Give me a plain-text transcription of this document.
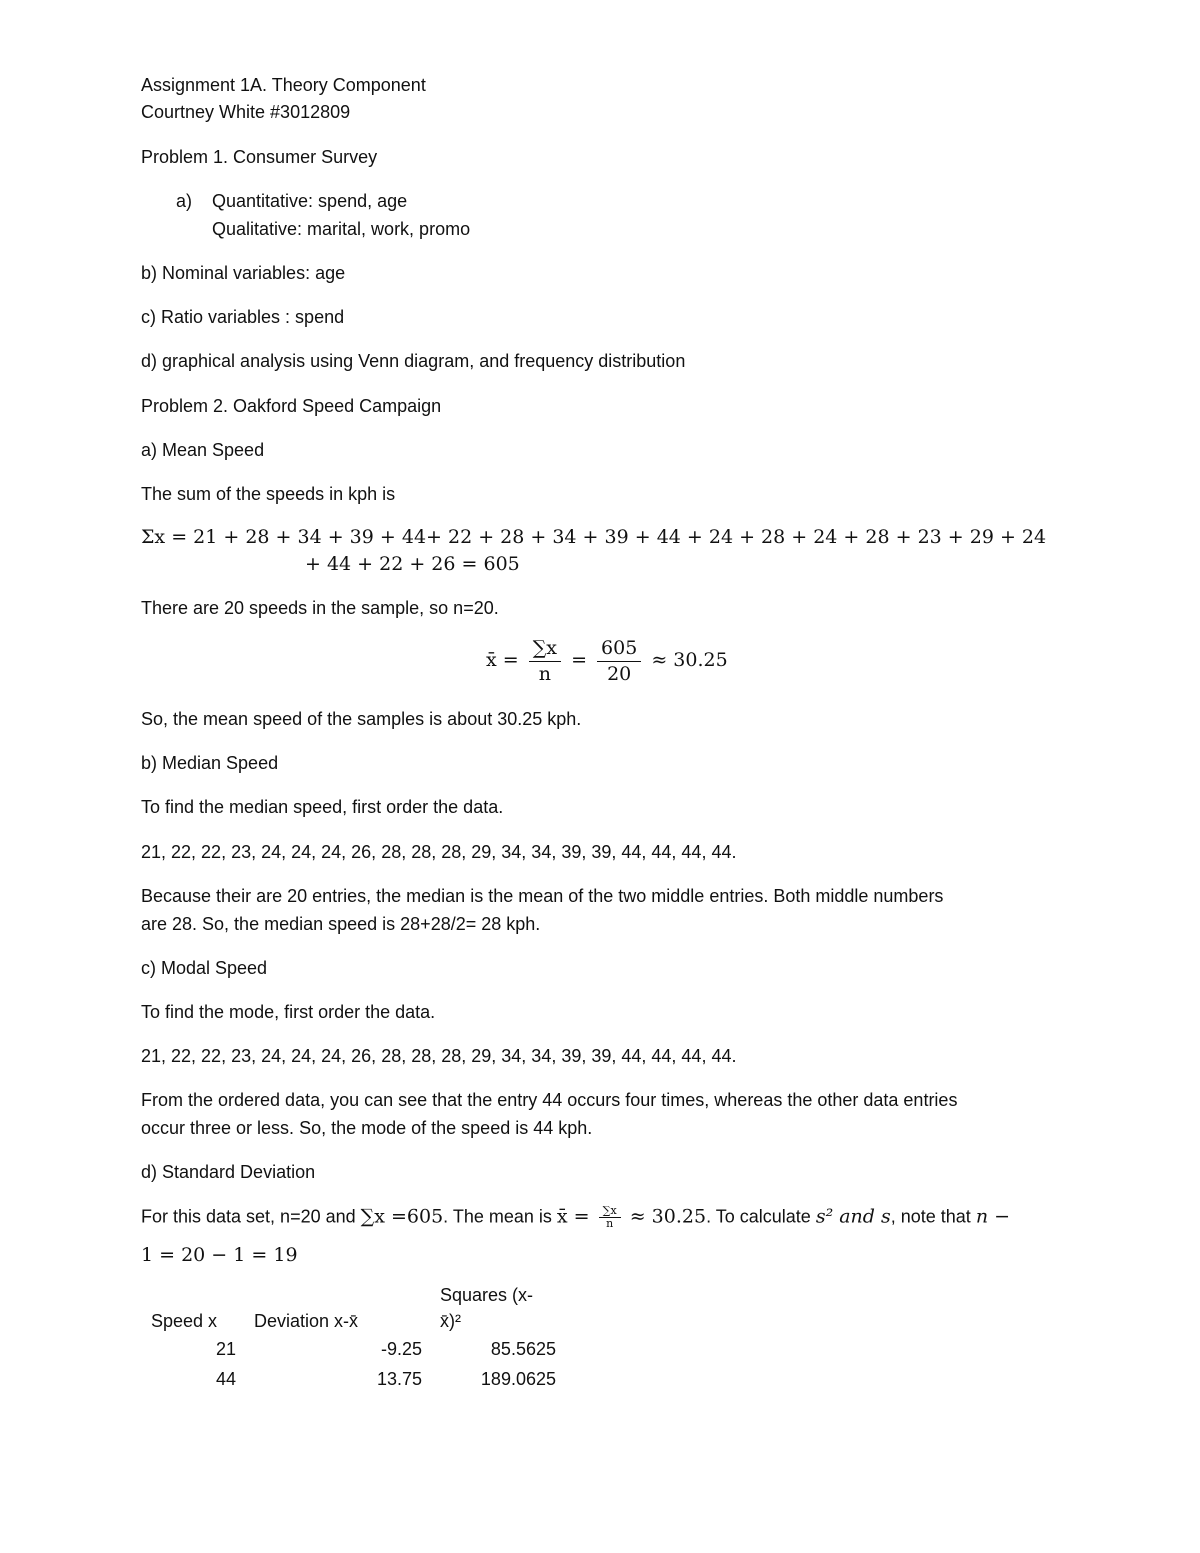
Assignment 1A. Theory Component
Courtney White #3012809
Problem 1. Consumer Survey
a) Quantitative: spend, age
Qualitative: marital, work, promo
b) Nominal variables: age
c) Ratio variables : spend
d) graphical analysis using Venn diagram, and frequency distribution
Problem 2. Oakford Speed Campaign
a) Mean Speed
The sum of the speeds in kph is
Σx = 21 + 28 + 34 + 39 + 44+ 22 + 28 + 34 + 39 + 44 + 24 + 28 + 24 + 28 + 23 + 29 + 24
+ 44 + 22 + 26 = 605
There are 20 speeds in the sample, so n=20.
x̄ = $\frac{\sum x}{n} = \frac{605}{20} \approx 30.25$
So, the mean speed of the samples is about 30.25 kph.
b) Median Speed
To find the median speed, first order the data.
21, 22, 22, 23, 24, 24, 24, 26, 28, 28, 28, 29, 34, 34, 39, 39, 44, 44, 44, 44.
Because their are 20 entries, the median is the mean of the two middle entries. Both middle numbers
are 28. So, the median speed is 28+28/2= 28 kph.
c) Modal Speed
To find the mode, first order the data.
21, 22, 22, 23, 24, 24, 24, 26, 28, 28, 28, 29, 34, 34, 39, 39, 44, 44, 44, 44.
From the ordered data, you can see that the entry 44 occurs four times, whereas the other data entries
occur three or less. So, the mode of the speed is 44 kph.
d) Standard Deviation
For this data set, n=20 and ∑x =605. The mean is x̄ = $\frac{\sum x}{n} \approx 30.25$. To calculate s² and s, note that n −
1 = 20 − 1 = 19
Speed x	Deviation x-x̄	Squares (x-
x̄)²
21	-9.25	85.5625
44	13.75	189.0625
